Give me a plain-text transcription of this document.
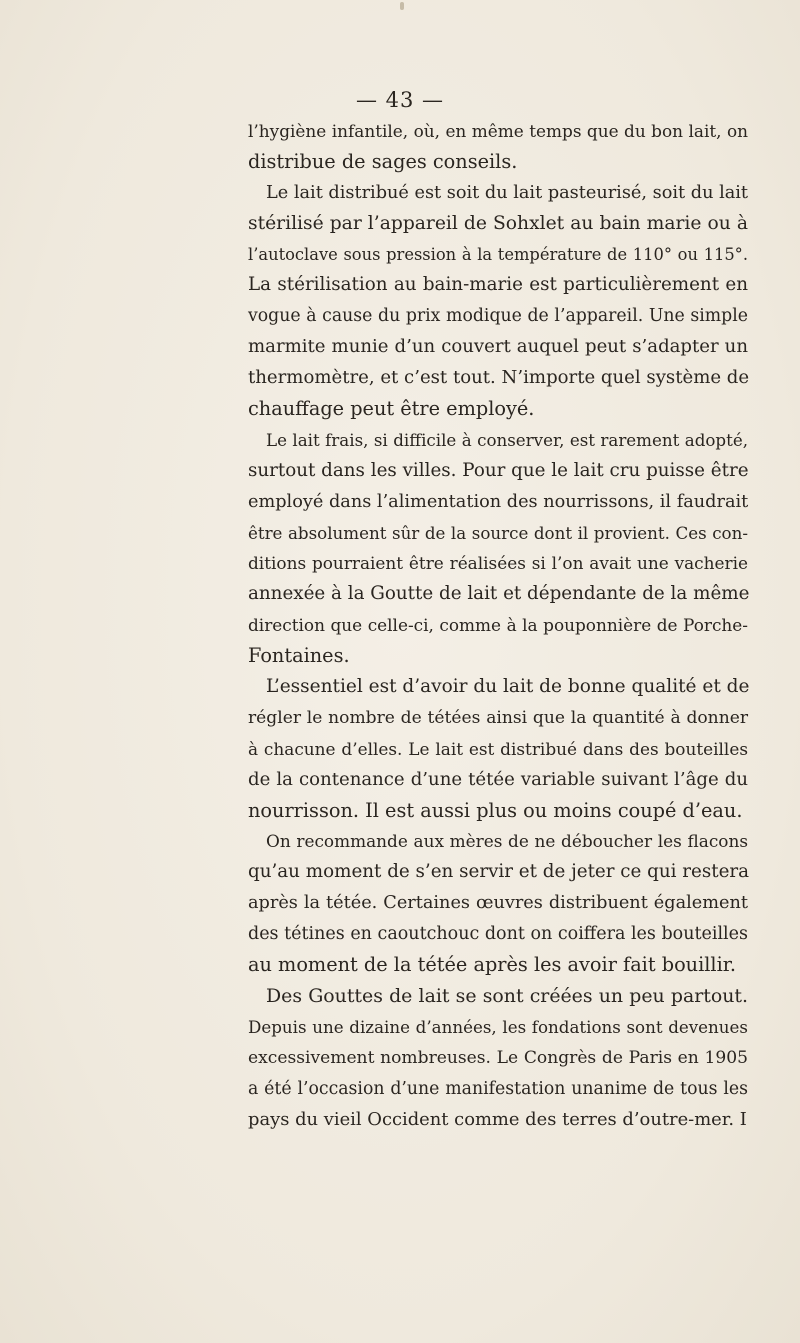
— 43 —
l’hygiène infantile, où, en même temps que du bon lait, on
distribue de sages conseils.
Le lait distribué est soit du lait pasteurisé, soit du lait
stérilisé par l’appareil de Sohxlet au bain marie ou à
l’autoclave sous pression à la température de 110° ou 115°.
La stérilisation au bain-marie est particulièrement en
vogue à cause du prix modique de l’appareil. Une simple
marmite munie d’un couvert auquel peut s’adapter un
thermomètre, et c’est tout. N’importe quel système de
chauffage peut être employé.
Le lait frais, si difficile à conserver, est rarement adopté,
surtout dans les villes. Pour que le lait cru puisse être
employé dans l’alimentation des nourrissons, il faudrait
être absolument sûr de la source dont il provient. Ces con-
ditions pourraient être réalisées si l’on avait une vacherie
annexée à la Goutte de lait et dépendante de la même
direction que celle-ci, comme à la pouponnière de Porche-
Fontaines.
L’essentiel est d’avoir du lait de bonne qualité et de
régler le nombre de tétées ainsi que la quantité à donner
à chacune d’elles. Le lait est distribué dans des bouteilles
de la contenance d’une tétée variable suivant l’âge du
nourrisson. Il est aussi plus ou moins coupé d’eau.
On recommande aux mères de ne déboucher les flacons
qu’au moment de s’en servir et de jeter ce qui restera
après la tétée. Certaines œuvres distribuent également
des tétines en caoutchouc dont on coiffera les bouteilles
au moment de la tétée après les avoir fait bouillir.
Des Gouttes de lait se sont créées un peu partout.
Depuis une dizaine d’années, les fondations sont devenues
excessivement nombreuses. Le Congrès de Paris en 1905
a été l’occasion d’une manifestation unanime de tous les
pays du vieil Occident comme des terres d’outre-mer. I
